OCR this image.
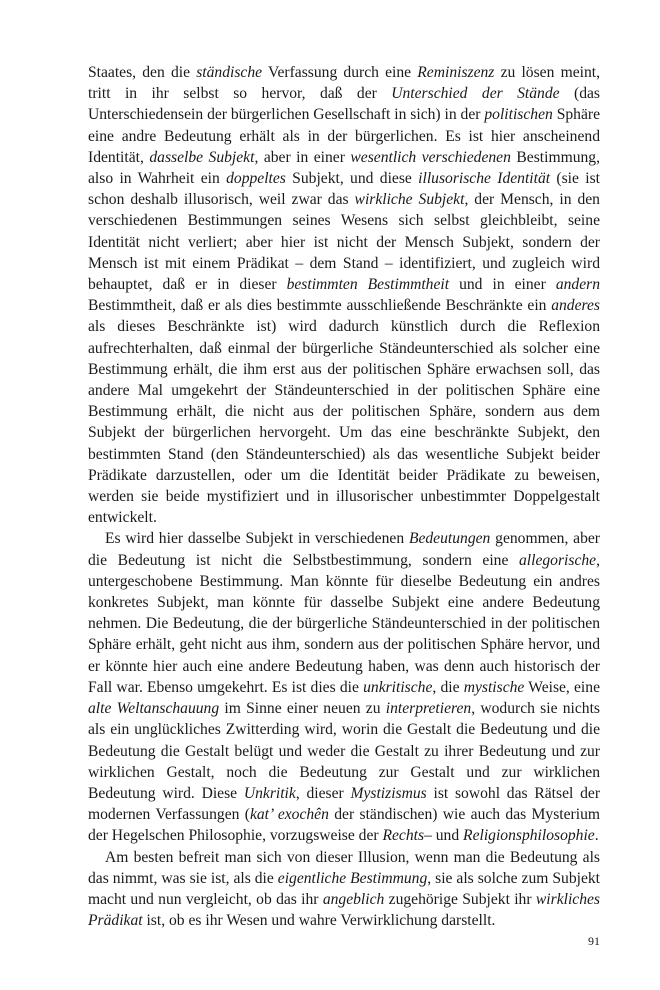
Staates, den die ständische Verfassung durch eine Reminiszenz zu lösen meint, tritt in ihr selbst so hervor, daß der Unterschied der Stände (das Unterschiedensein der bürgerlichen Gesellschaft in sich) in der politischen Sphäre eine andre Bedeutung erhält als in der bürgerlichen. Es ist hier anscheinend Identität, dasselbe Subjekt, aber in einer wesentlich verschiedenen Bestimmung, also in Wahrheit ein doppeltes Subjekt, und diese illusorische Identität (sie ist schon deshalb illusorisch, weil zwar das wirkliche Subjekt, der Mensch, in den verschiedenen Bestimmungen seines Wesens sich selbst gleichbleibt, seine Identität nicht verliert; aber hier ist nicht der Mensch Subjekt, sondern der Mensch ist mit einem Prädikat – dem Stand – identifiziert, und zugleich wird behauptet, daß er in dieser bestimmten Bestimmtheit und in einer andern Bestimmtheit, daß er als dies bestimmte ausschließende Beschränkte ein anderes als dieses Beschränkte ist) wird dadurch künstlich durch die Reflexion aufrechterhalten, daß einmal der bürgerliche Ständeunterschied als solcher eine Bestimmung erhält, die ihm erst aus der politischen Sphäre erwachsen soll, das andere Mal umgekehrt der Ständeunterschied in der politischen Sphäre eine Bestimmung erhält, die nicht aus der politischen Sphäre, sondern aus dem Subjekt der bürgerlichen hervorgeht. Um das eine beschränkte Subjekt, den bestimmten Stand (den Ständeunterschied) als das wesentliche Subjekt beider Prädikate darzustellen, oder um die Identität beider Prädikate zu beweisen, werden sie beide mystifiziert und in illusorischer unbestimmter Doppelgestalt entwickelt.

Es wird hier dasselbe Subjekt in verschiedenen Bedeutungen genommen, aber die Bedeutung ist nicht die Selbstbestimmung, sondern eine allegorische, untergeschobene Bestimmung. Man könnte für dieselbe Bedeutung ein andres konkretes Subjekt, man könnte für dasselbe Subjekt eine andere Bedeutung nehmen. Die Bedeutung, die der bürgerliche Ständeunterschied in der politischen Sphäre erhält, geht nicht aus ihm, sondern aus der politischen Sphäre hervor, und er könnte hier auch eine andere Bedeutung haben, was denn auch historisch der Fall war. Ebenso umgekehrt. Es ist dies die unkritische, die mystische Weise, eine alte Weltanschauung im Sinne einer neuen zu interpretieren, wodurch sie nichts als ein unglückliches Zwitterding wird, worin die Gestalt die Bedeutung und die Bedeutung die Gestalt belügt und weder die Gestalt zu ihrer Bedeutung und zur wirklichen Gestalt, noch die Bedeutung zur Gestalt und zur wirklichen Bedeutung wird. Diese Unkritik, dieser Mystizismus ist sowohl das Rätsel der modernen Verfassungen (kat’ exochên der ständischen) wie auch das Mysterium der Hegelschen Philosophie, vorzugsweise der Rechts– und Religionsphilosophie.

Am besten befreit man sich von dieser Illusion, wenn man die Bedeutung als das nimmt, was sie ist, als die eigentliche Bestimmung, sie als solche zum Subjekt macht und nun vergleicht, ob das ihr angeblich zugehörige Subjekt ihr wirkliches Prädikat ist, ob es ihr Wesen und wahre Verwirklichung darstellt.

91
